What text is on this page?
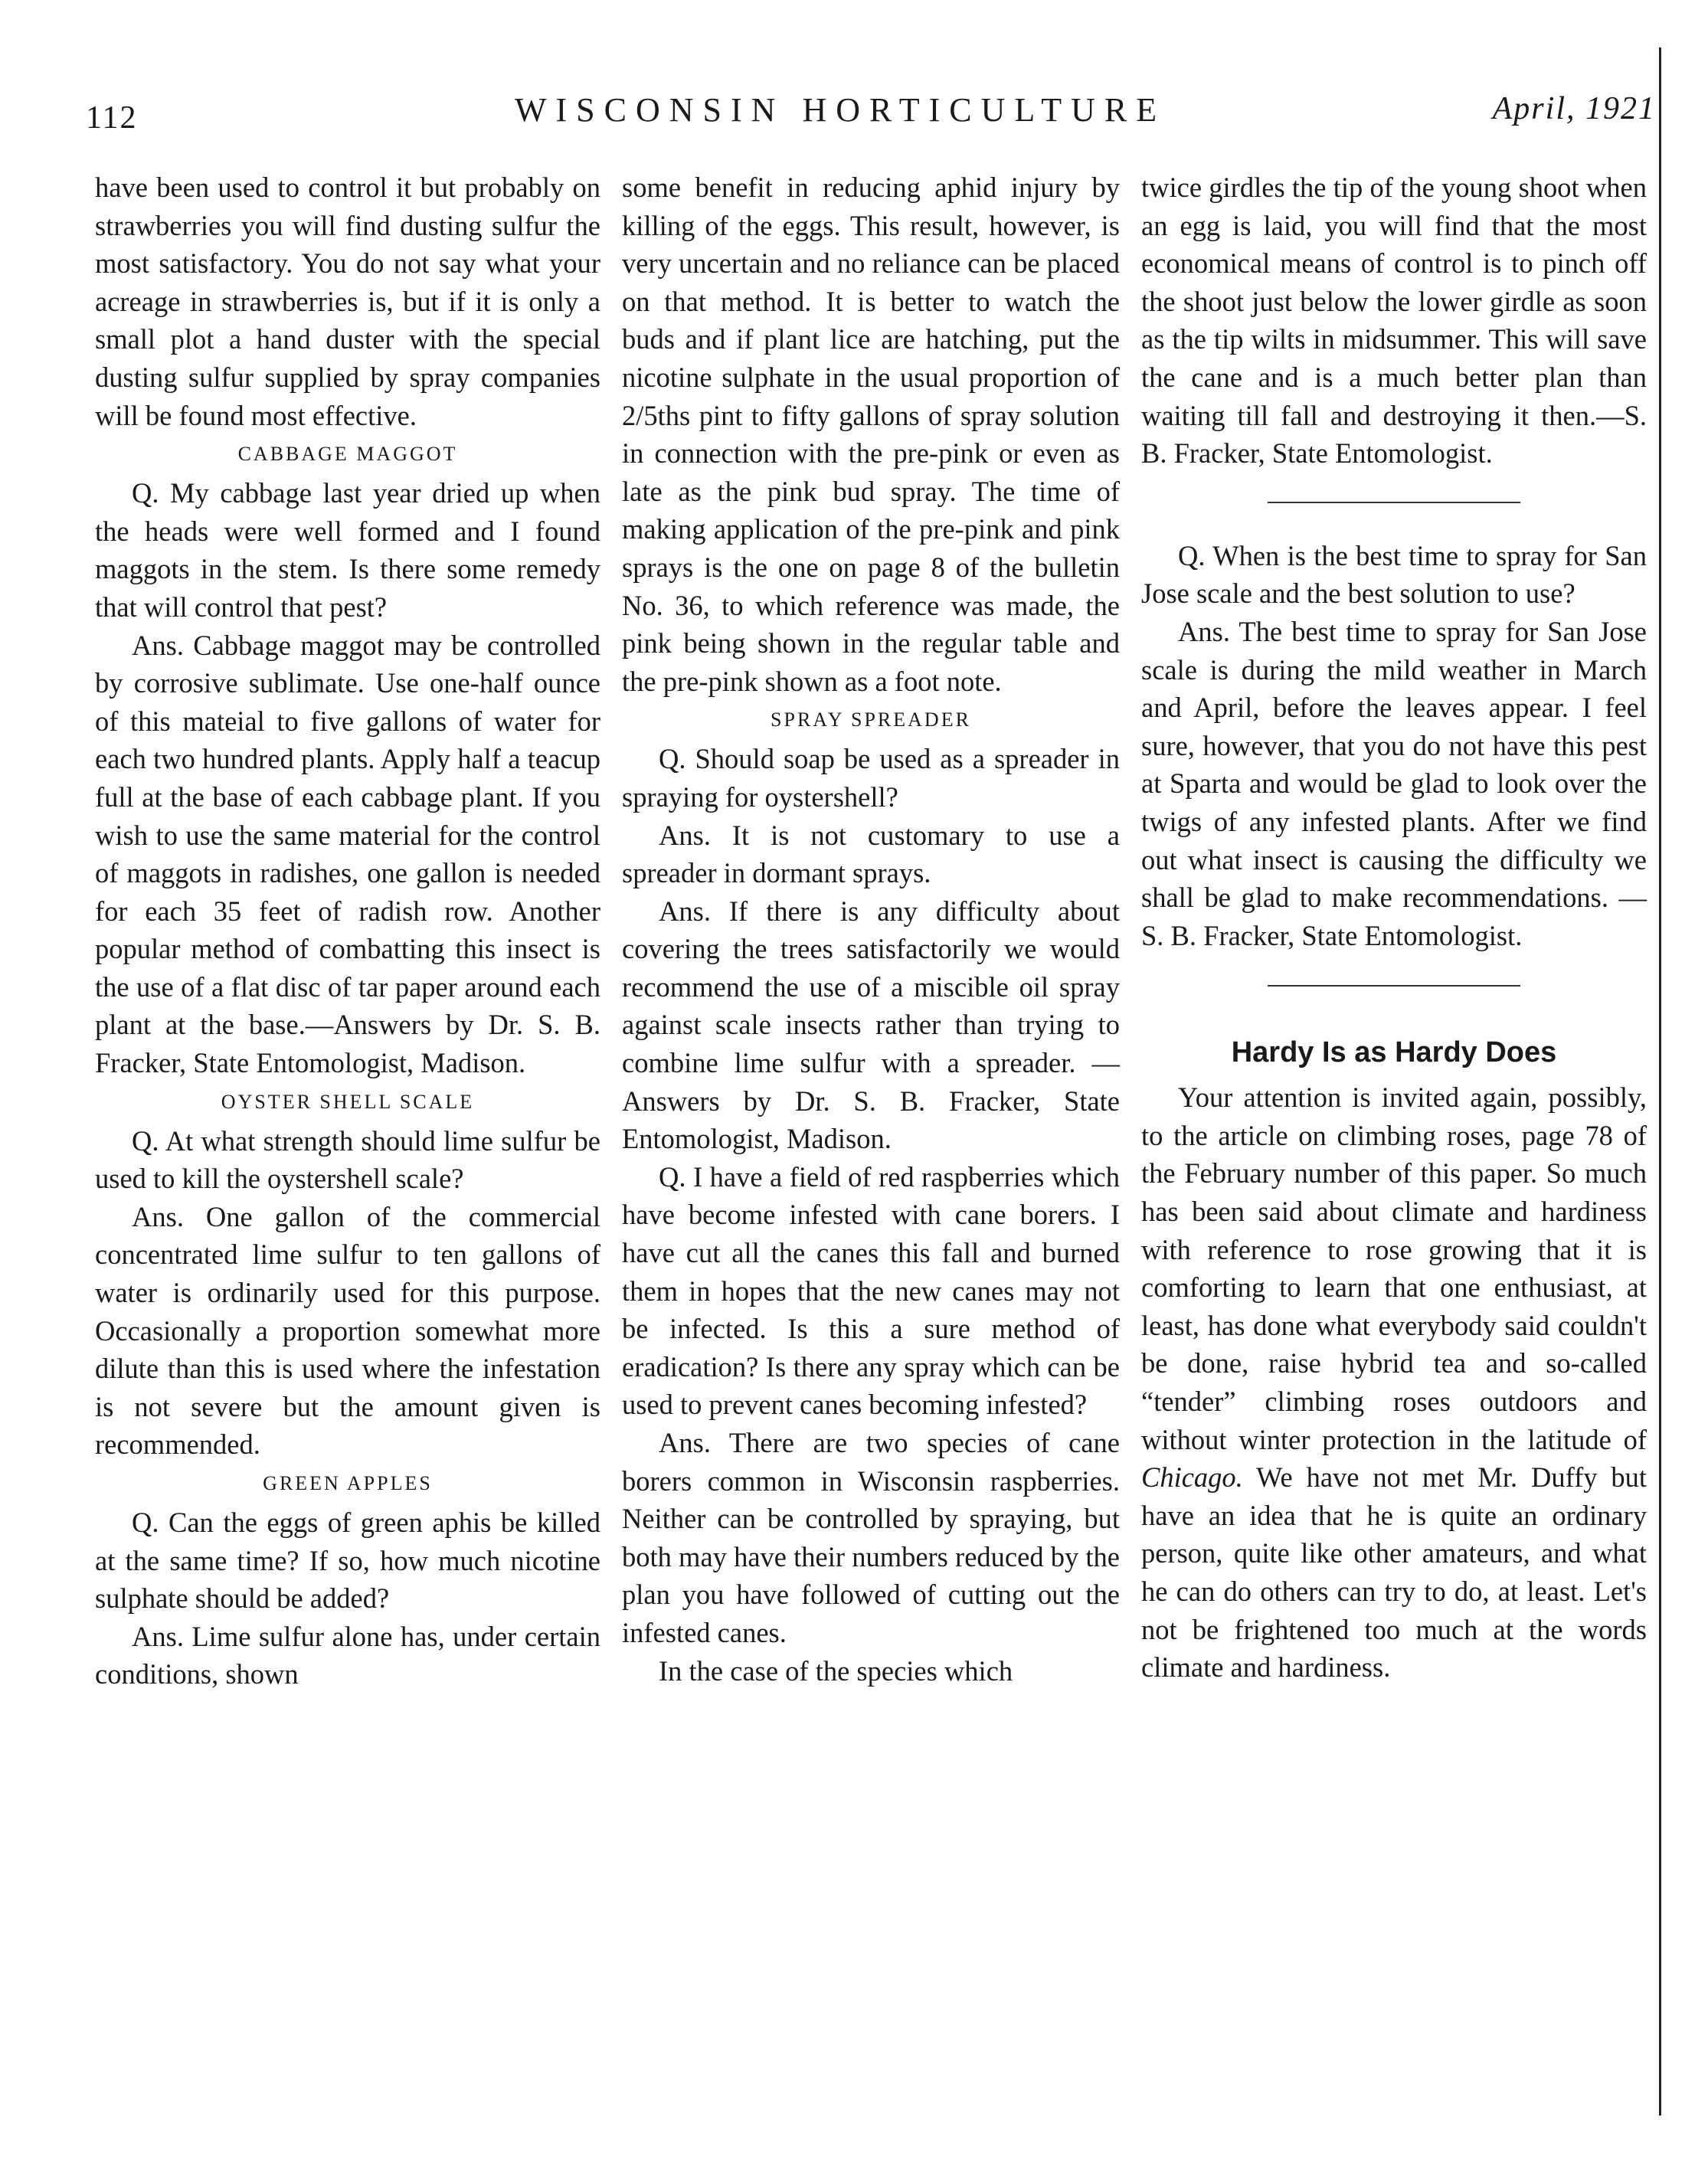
112	WISCONSIN HORTICULTURE	April, 1921

have been used to control it but probably on strawberries you will find dusting sulfur the most satisfactory. You do not say what your acreage in strawberries is, but if it is only a small plot a hand duster with the special dusting sulfur supplied by spray companies will be found most effective.

CABBAGE MAGGOT

Q. My cabbage last year dried up when the heads were well formed and I found maggots in the stem. Is there some remedy that will control that pest?

Ans. Cabbage maggot may be controlled by corrosive sublimate. Use one-half ounce of this mateial to five gallons of water for each two hundred plants. Apply half a teacup full at the base of each cabbage plant. If you wish to use the same material for the control of maggots in radishes, one gallon is needed for each 35 feet of radish row. Another popular method of combatting this insect is the use of a flat disc of tar paper around each plant at the base.—Answers by Dr. S. B. Fracker, State Entomologist, Madison.

OYSTER SHELL SCALE

Q. At what strength should lime sulfur be used to kill the oystershell scale?

Ans. One gallon of the commercial concentrated lime sulfur to ten gallons of water is ordinarily used for this purpose. Occasionally a proportion somewhat more dilute than this is used where the infestation is not severe but the amount given is recommended.

GREEN APPLES

Q. Can the eggs of green aphis be killed at the same time? If so, how much nicotine sulphate should be added?

Ans. Lime sulfur alone has, under certain conditions, shown

some benefit in reducing aphid injury by killing of the eggs. This result, however, is very uncertain and no reliance can be placed on that method. It is better to watch the buds and if plant lice are hatching, put the nicotine sulphate in the usual proportion of 2/5ths pint to fifty gallons of spray solution in connection with the pre-pink or even as late as the pink bud spray. The time of making application of the pre-pink and pink sprays is the one on page 8 of the bulletin No. 36, to which reference was made, the pink being shown in the regular table and the pre-pink shown as a foot note.

SPRAY SPREADER

Q. Should soap be used as a spreader in spraying for oystershell?

Ans. It is not customary to use a spreader in dormant sprays.

Ans. If there is any difficulty about covering the trees satisfactorily we would recommend the use of a miscible oil spray against scale insects rather than trying to combine lime sulfur with a spreader. — Answers by Dr. S. B. Fracker, State Entomologist, Madison.

Q. I have a field of red raspberries which have become infested with cane borers. I have cut all the canes this fall and burned them in hopes that the new canes may not be infected. Is this a sure method of eradication? Is there any spray which can be used to prevent canes becoming infested?

Ans. There are two species of cane borers common in Wisconsin raspberries. Neither can be controlled by spraying, but both may have their numbers reduced by the plan you have followed of cutting out the infested canes.

In the case of the species which

twice girdles the tip of the young shoot when an egg is laid, you will find that the most economical means of control is to pinch off the shoot just below the lower girdle as soon as the tip wilts in midsummer. This will save the cane and is a much better plan than waiting till fall and destroying it then.—S. B. Fracker, State Entomologist.

Q. When is the best time to spray for San Jose scale and the best solution to use?

Ans. The best time to spray for San Jose scale is during the mild weather in March and April, before the leaves appear. I feel sure, however, that you do not have this pest at Sparta and would be glad to look over the twigs of any infested plants. After we find out what insect is causing the difficulty we shall be glad to make recommendations. —S. B. Fracker, State Entomologist.

Hardy Is as Hardy Does

Your attention is invited again, possibly, to the article on climbing roses, page 78 of the February number of this paper. So much has been said about climate and hardiness with reference to rose growing that it is comforting to learn that one enthusiast, at least, has done what everybody said couldn't be done, raise hybrid tea and so-called “tender” climbing roses outdoors and without winter protection in the latitude of Chicago. We have not met Mr. Duffy but have an idea that he is quite an ordinary person, quite like other amateurs, and what he can do others can try to do, at least. Let's not be frightened too much at the words climate and hardiness.
